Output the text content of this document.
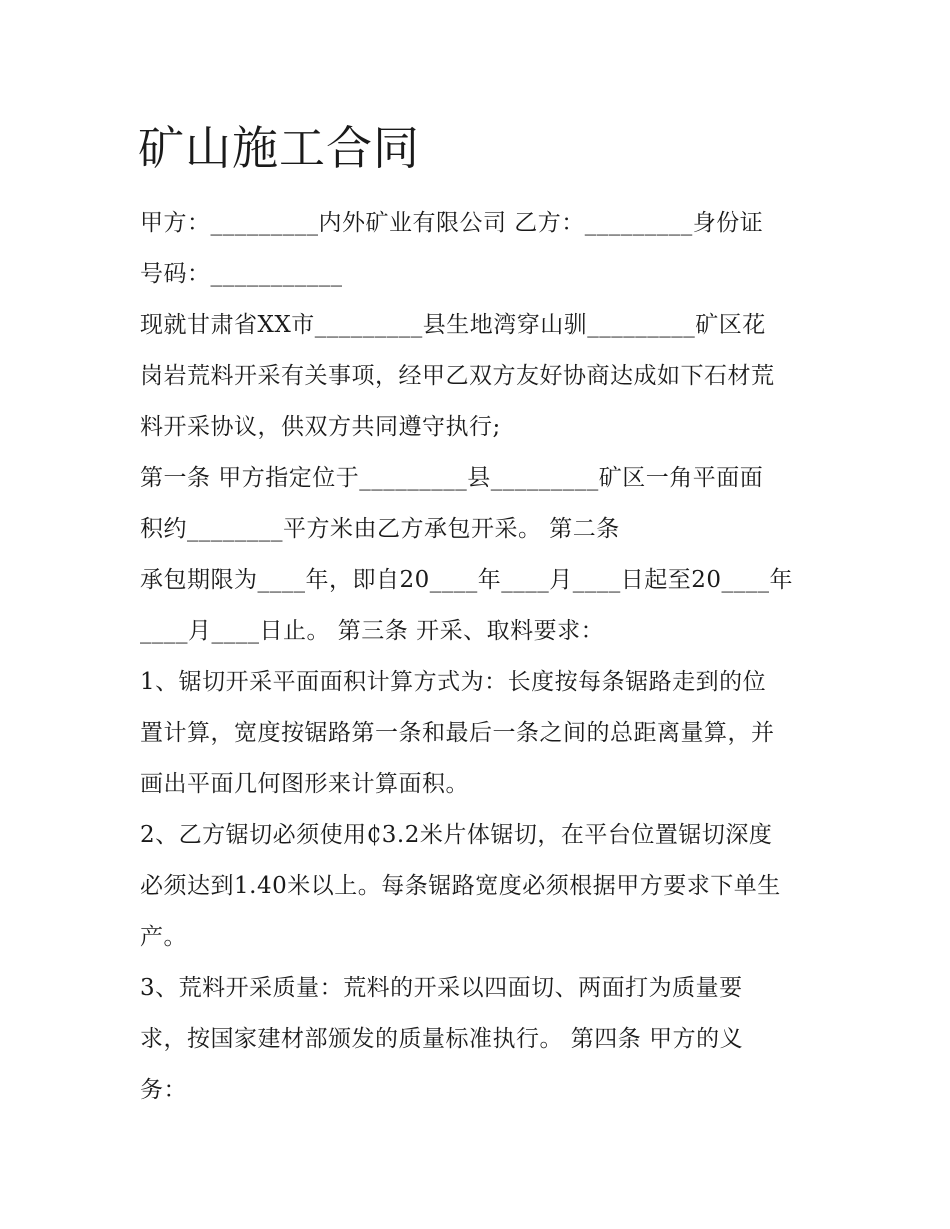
矿山施工合同
甲方：_________内外矿业有限公司 乙方：_________身份证
号码：___________
现就甘肃省XX市_________县生地湾穿山驯_________矿区花
岗岩荒料开采有关事项，经甲乙双方友好协商达成如下石材荒
料开采协议，供双方共同遵守执行;
第一条 甲方指定位于_________县_________矿区一角平面面
积约________平方米由乙方承包开采。 第二条
承包期限为____年，即自20____年____月____日起至20____年
____月____日止。 第三条 开采、取料要求：
1、锯切开采平面面积计算方式为：长度按每条锯路走到的位
置计算，宽度按锯路第一条和最后一条之间的总距离量算，并
画出平面几何图形来计算面积。
2、乙方锯切必须使用₵3.2米片体锯切，在平台位置锯切深度
必须达到1.40米以上。每条锯路宽度必须根据甲方要求下单生
产。
3、荒料开采质量：荒料的开采以四面切、两面打为质量要
求，按国家建材部颁发的质量标准执行。 第四条 甲方的义
务：
